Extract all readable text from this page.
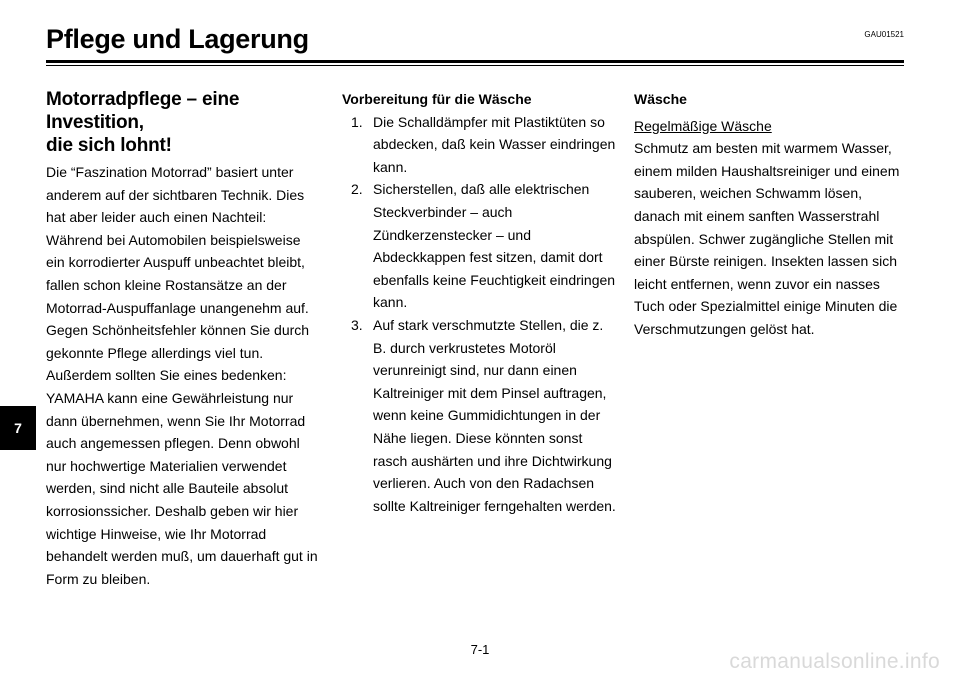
Pflege und Lagerung	GAU01521
7
Motorradpflege – eine Investition,
die sich lohnt!

Die “Faszination Motorrad” basiert unter anderem auf der sichtbaren Technik. Dies hat aber leider auch einen Nachteil: Während bei Automobilen beispielsweise ein korrodierter Auspuff unbeachtet bleibt, fallen schon kleine Rostansätze an der Motorrad-Auspuffanlage unangenehm auf. Gegen Schönheitsfehler können Sie durch gekonnte Pflege allerdings viel tun. Außerdem sollten Sie eines bedenken: YAMAHA kann eine Gewährleistung nur dann übernehmen, wenn Sie Ihr Motorrad auch angemessen pflegen. Denn obwohl nur hochwertige Materialien verwendet werden, sind nicht alle Bauteile absolut korrosionssicher. Deshalb geben wir hier wichtige Hinweise, wie Ihr Motorrad behandelt werden muß, um dauerhaft gut in Form zu bleiben.

Vorbereitung für die Wäsche
1. Die Schalldämpfer mit Plastiktüten so abdecken, daß kein Wasser eindringen kann.
2. Sicherstellen, daß alle elektrischen Steckverbinder – auch Zündkerzenstecker – und Abdeckkappen fest sitzen, damit dort ebenfalls keine Feuchtigkeit eindringen kann.
3. Auf stark verschmutzte Stellen, die z. B. durch verkrustetes Motoröl verunreinigt sind, nur dann einen Kaltreiniger mit dem Pinsel auftragen, wenn keine Gummidichtungen in der Nähe liegen. Diese könnten sonst rasch aushärten und ihre Dichtwirkung verlieren. Auch von den Radachsen sollte Kaltreiniger ferngehalten werden.
Wäsche
Regelmäßige Wäsche

Schmutz am besten mit warmem Wasser, einem milden Haushaltsreiniger und einem sauberen, weichen Schwamm lösen, danach mit einem sanften Wasserstrahl abspülen. Schwer zugängliche Stellen mit einer Bürste reinigen. Insekten lassen sich leicht entfernen, wenn zuvor ein nasses Tuch oder Spezialmittel einige Minuten die Verschmutzungen gelöst hat.

7-1
carmanualsonline.info
